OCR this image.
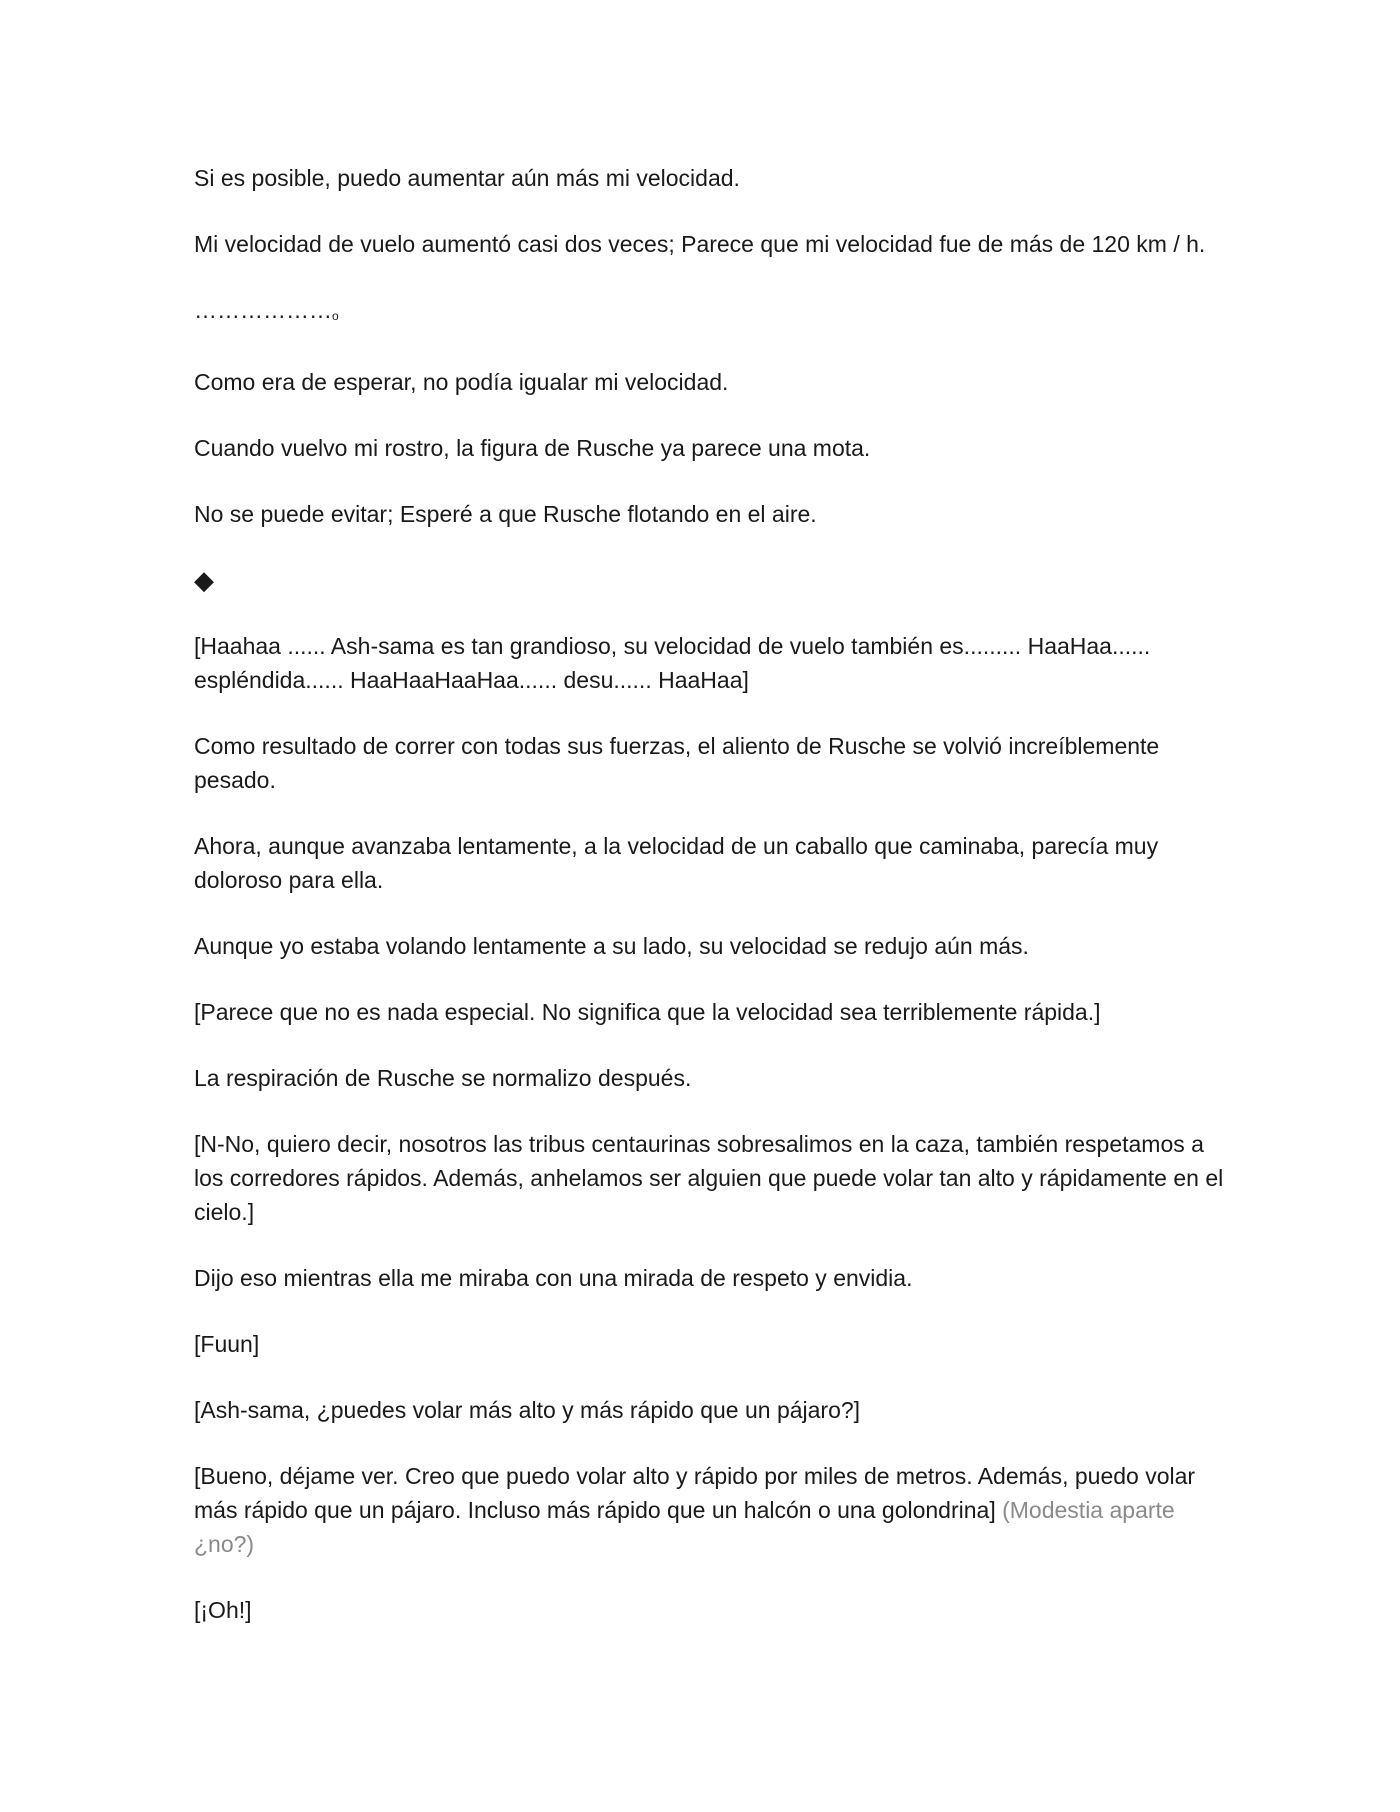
Si es posible, puedo aumentar aún más mi velocidad.

Mi velocidad de vuelo aumentó casi dos veces; Parece que mi velocidad fue de más de 120 km / h.

………………o

Como era de esperar, no podía igualar mi velocidad.

Cuando vuelvo mi rostro, la figura de Rusche ya parece una mota.

No se puede evitar; Esperé a que Rusche flotando en el aire.

◆

[Haahaa ...... Ash-sama es tan grandioso, su velocidad de vuelo también es......... HaaHaa...... espléndida...... HaaHaaHaaHaa...... desu...... HaaHaa]

Como resultado de correr con todas sus fuerzas, el aliento de Rusche se volvió increíblemente pesado.

Ahora, aunque avanzaba lentamente, a la velocidad de un caballo que caminaba, parecía muy doloroso para ella.

Aunque yo estaba volando lentamente a su lado, su velocidad se redujo aún más.

[Parece que no es nada especial. No significa que la velocidad sea terriblemente rápida.]

La respiración de Rusche se normalizo después.

[N-No, quiero decir, nosotros las tribus centaurinas sobresalimos en la caza, también respetamos a los corredores rápidos. Además, anhelamos ser alguien que puede volar tan alto y rápidamente en el cielo.]

Dijo eso mientras ella me miraba con una mirada de respeto y envidia.

[Fuun]

[Ash-sama, ¿puedes volar más alto y más rápido que un pájaro?]

[Bueno, déjame ver. Creo que puedo volar alto y rápido por miles de metros. Además, puedo volar más rápido que un pájaro. Incluso más rápido que un halcón o una golondrina] (Modestia aparte ¿no?)

[¡Oh!]
